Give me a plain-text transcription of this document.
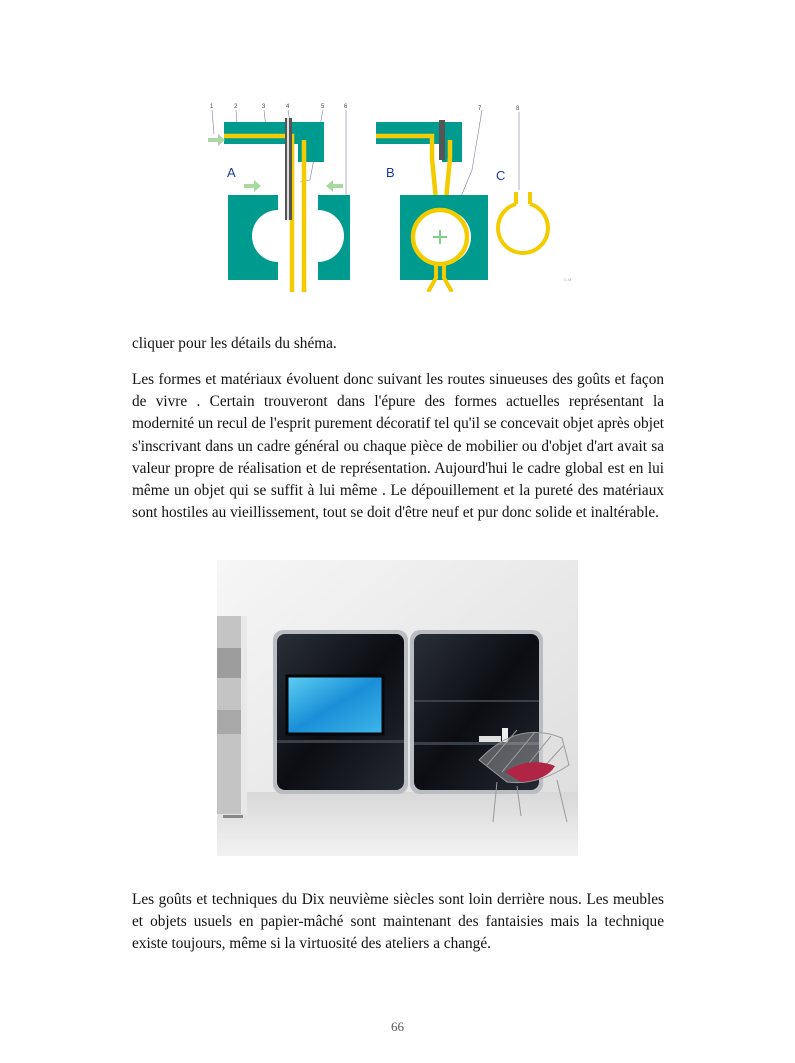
1	2	3	4	5	6	7	8
A	B	C
C.M
cliquer pour les détails du shéma.
Les formes et matériaux évoluent donc suivant les routes sinueuses des goûts et façon de vivre . Certain trouveront dans l'épure des formes actuelles représentant la modernité un recul de l'esprit purement décoratif tel qu'il se concevait objet après objet s'inscrivant dans un cadre général ou chaque pièce de mobilier ou d'objet d'art avait sa valeur propre de réalisation et de représentation. Aujourd'hui le cadre global est en lui même un objet qui se suffit à lui même . Le dépouillement et la pureté des matériaux sont hostiles au vieillissement, tout se doit d'être neuf et pur donc solide et inaltérable.
Les goûts et techniques du Dix neuvième siècles sont loin derrière nous. Les meubles et objets usuels en papier-mâché sont maintenant des fantaisies mais la technique existe toujours, même si la virtuosité des ateliers a changé.
66
